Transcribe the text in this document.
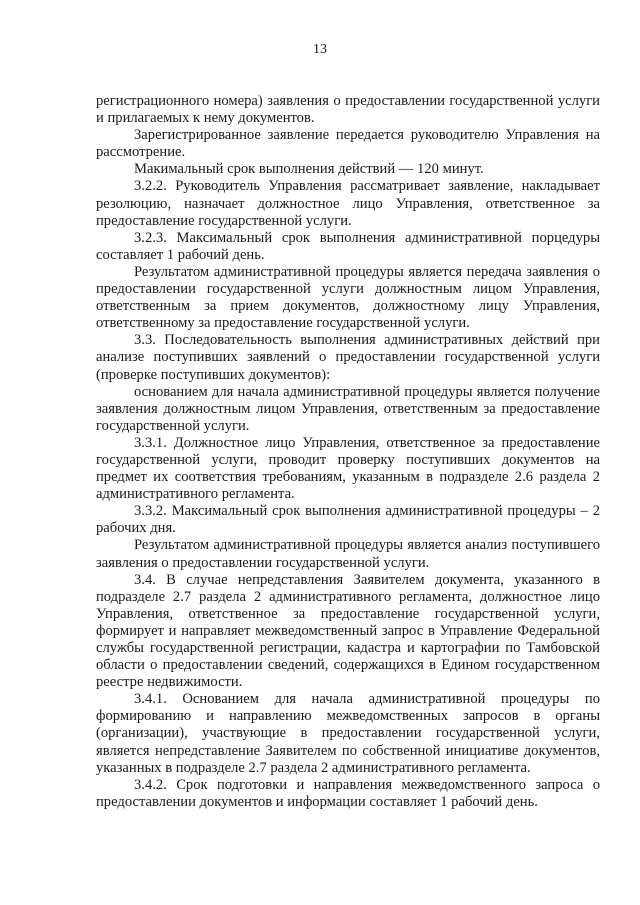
13

регистрационного номера) заявления о предоставлении государственной услуги и прилагаемых к нему документов.

Зарегистрированное заявление передается руководителю Управления на рассмотрение.

Макимальный срок выполнения действий — 120 минут.

3.2.2. Руководитель Управления рассматривает заявление, накладывает резолюцию, назначает должностное лицо Управления, ответственное за предоставление государственной услуги.

3.2.3. Максимальный срок выполнения административной порцедуры составляет 1 рабочий день.

Результатом административной процедуры является передача заявления о предоставлении государственной услуги должностным лицом Управления, ответственным за прием документов, должностному лицу Управления, ответственному за предоставление государственной услуги.

3.3. Последовательность выполнения административных действий при анализе поступивших заявлений о предоставлении государственной услуги (проверке поступивших документов):

основанием для начала административной процедуры является получение заявления должностным лицом Управления, ответственным за предоставление государственной услуги.

3.3.1. Должностное лицо Управления, ответственное за предоставление государственной услуги, проводит проверку поступивших документов на предмет их соответствия требованиям, указанным в подразделе 2.6 раздела 2 административного регламента.

3.3.2. Максимальный срок выполнения административной процедуры – 2 рабочих дня.

Результатом административной процедуры является анализ поступившего заявления о предоставлении государственной услуги.

3.4. В случае непредставления Заявителем документа, указанного в подразделе 2.7 раздела 2 административного регламента, должностное лицо Управления, ответственное за предоставление государственной услуги, формирует и направляет межведомственный запрос в Управление Федеральной службы государственной регистрации, кадастра и картографии по Тамбовской области о предоставлении сведений, содержащихся в Едином государственном реестре недвижимости.

3.4.1. Основанием для начала административной процедуры по формированию и направлению межведомственных запросов в органы (организации), участвующие в предоставлении государственной услуги, является непредставление Заявителем по собственной инициативе документов, указанных в подразделе 2.7 раздела 2 административного регламента.

3.4.2. Срок подготовки и направления межведомственного запроса о предоставлении документов и информации составляет 1 рабочий день.
